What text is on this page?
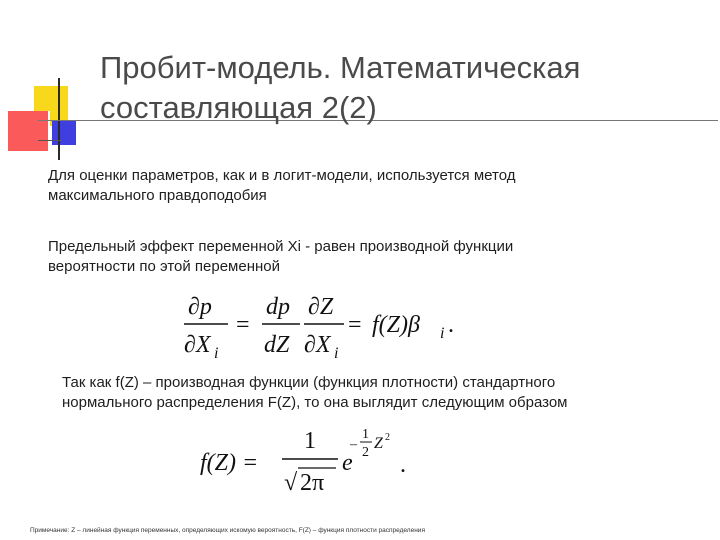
Пробит-модель. Математическая
составляющая 2(2)
Для оценки параметров, как и в логит-модели, используется метод
максимального правдоподобия
Предельный эффект переменной Xi - равен производной функции
вероятности по этой переменной
∂p
∂X i
=
dp
dZ
∂Z
∂X i
= f(Z)β i .
Так как f(Z) – производная функции (функция плотности) стандартного
нормального распределения F(Z), то она выглядит следующим образом
f(Z) =
1
√ 2π
e
–
1
2
Z 2
.
Примечание: Z – линейная функция переменных, определяющих искомую вероятность, F(Z) – функция плотности распределения
